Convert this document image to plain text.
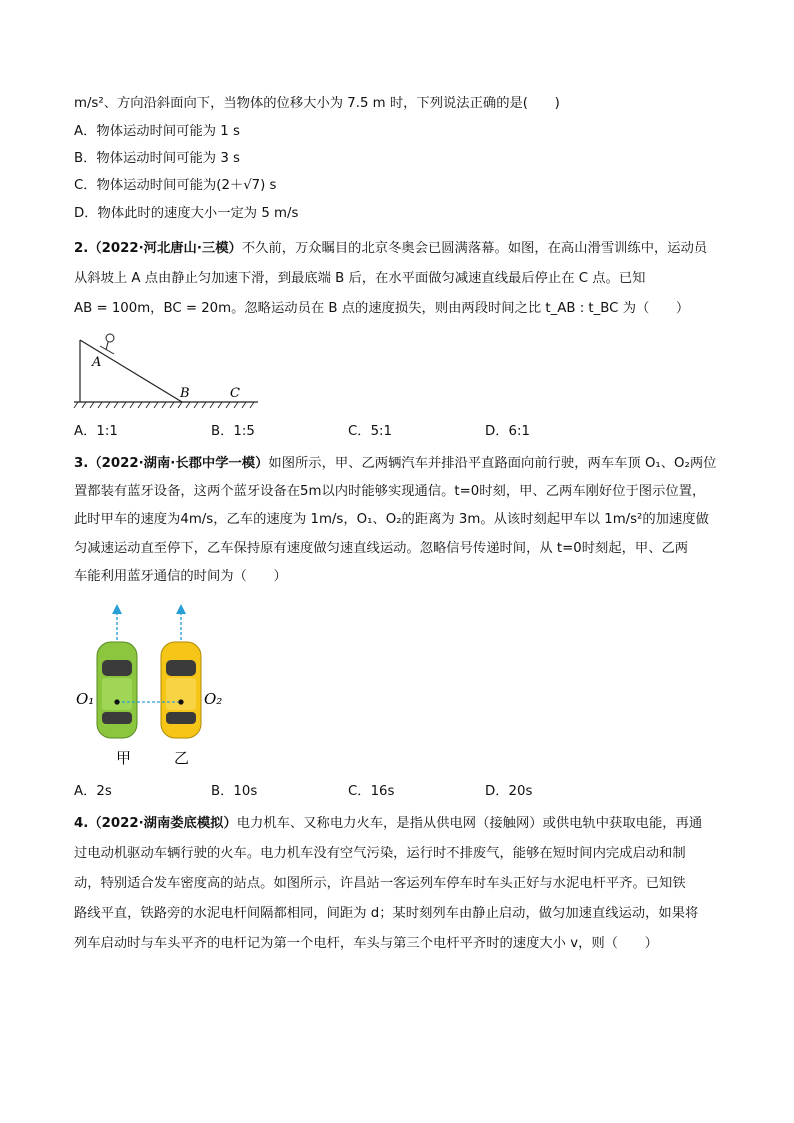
m/s²、方向沿斜面向下，当物体的位移大小为 7.5 m 时，下列说法正确的是(　　)
A．物体运动时间可能为 1 s
B．物体运动时间可能为 3 s
C．物体运动时间可能为(2＋√7) s
D．物体此时的速度大小一定为 5 m/s
2.（2022·河北唐山·三模）不久前，万众瞩目的北京冬奥会已圆满落幕。如图，在高山滑雪训练中，运动员
从斜坡上 A 点由静止匀加速下滑，到最底端 B 后，在水平面做匀减速直线最后停止在 C 点。已知
AB = 100m，BC = 20m。忽略运动员在 B 点的速度损失，则由两段时间之比 t_AB : t_BC 为（　　）
A
B	C
A．1:1	B．1:5	C．5:1	D．6:1
3.（2022·湖南·长郡中学一模）如图所示，甲、乙两辆汽车并排沿平直路面向前行驶，两车车顶 O₁、O₂两位
置都装有蓝牙设备，这两个蓝牙设备在5m以内时能够实现通信。t=0时刻，甲、乙两车刚好位于图示位置，
此时甲车的速度为4m/s，乙车的速度为 1m/s，O₁、O₂的距离为 3m。从该时刻起甲车以 1m/s²的加速度做
匀减速运动直至停下，乙车保持原有速度做匀速直线运动。忽略信号传递时间，从 t=0时刻起，甲、乙两
车能利用蓝牙通信的时间为（　　）
O₁	O₂
甲	乙
A．2s	B．10s	C．16s	D．20s
4.（2022·湖南娄底模拟）电力机车、又称电力火车，是指从供电网（接触网）或供电轨中获取电能，再通
过电动机驱动车辆行驶的火车。电力机车没有空气污染，运行时不排废气，能够在短时间内完成启动和制
动，特别适合发车密度高的站点。如图所示，许昌站一客运列车停车时车头正好与水泥电杆平齐。已知铁
路线平直，铁路旁的水泥电杆间隔都相同，间距为 d；某时刻列车由静止启动，做匀加速直线运动，如果将
列车启动时与车头平齐的电杆记为第一个电杆，车头与第三个电杆平齐时的速度大小 v，则（　　）
